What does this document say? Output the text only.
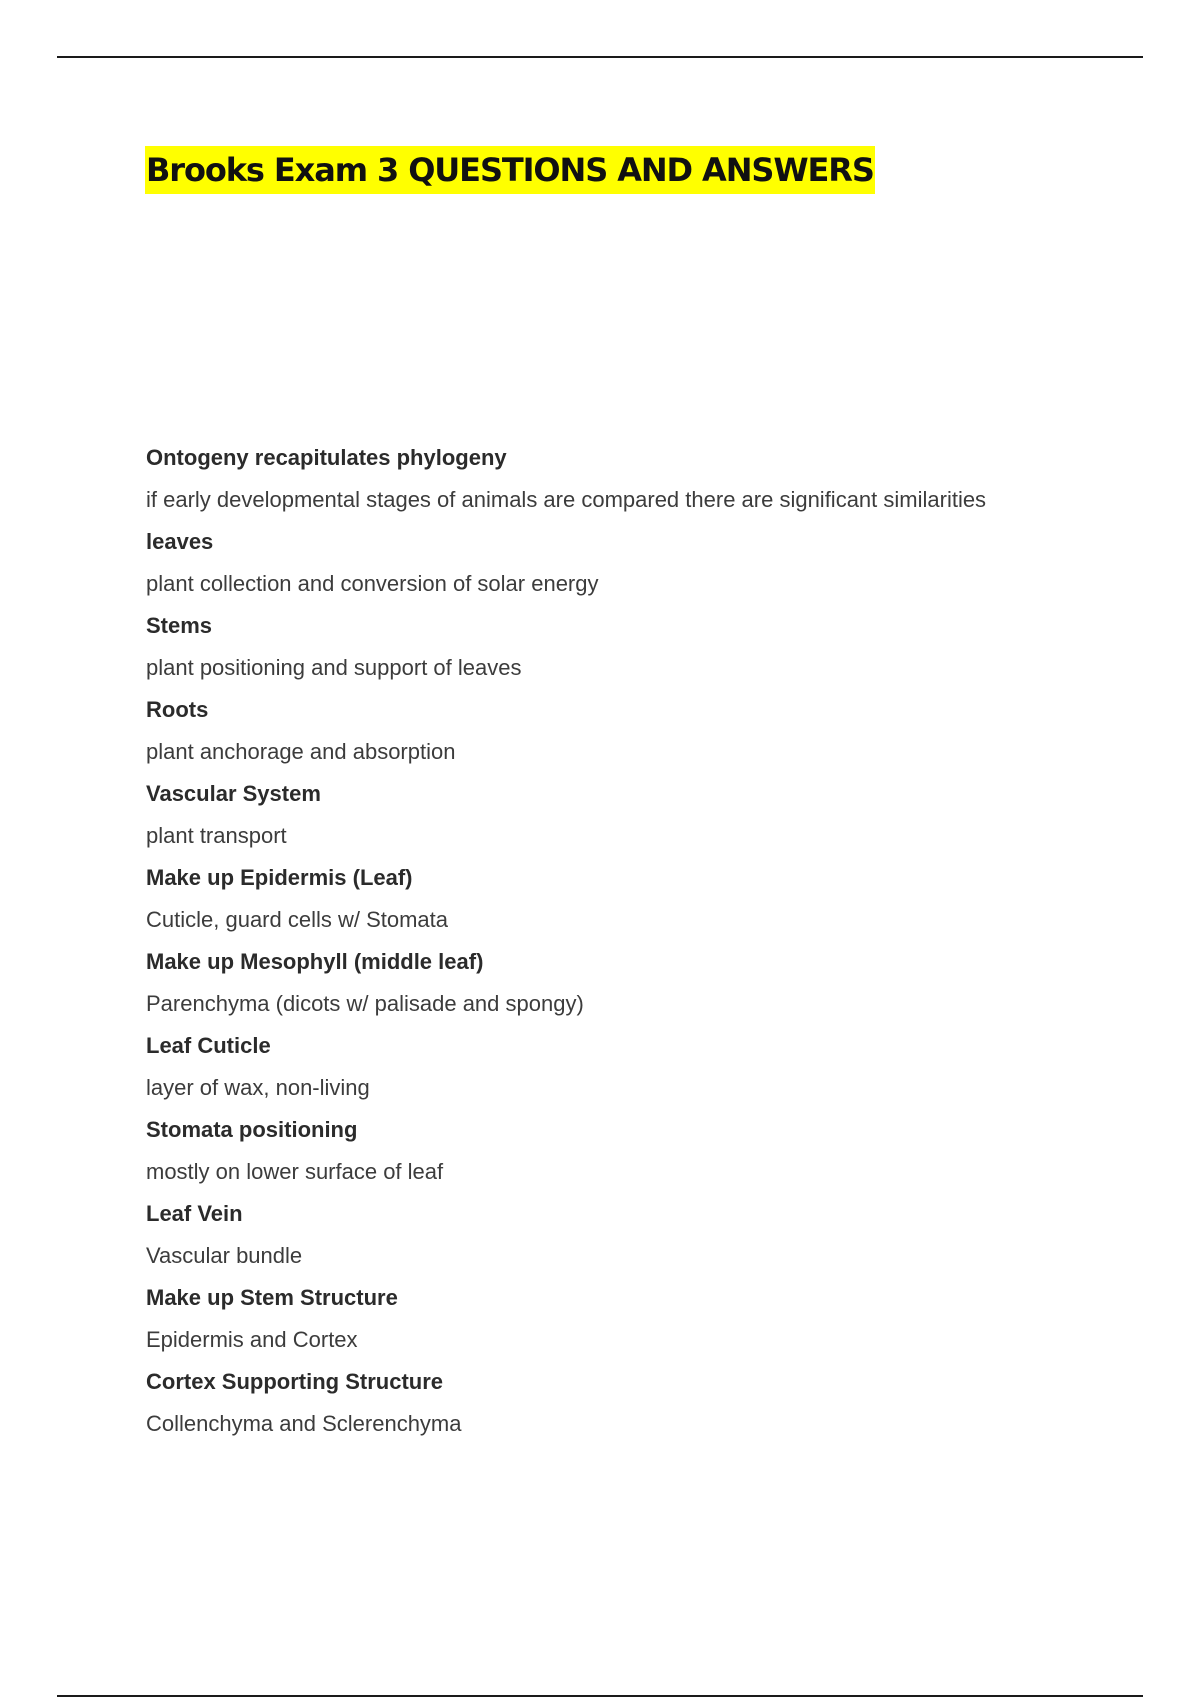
Brooks Exam 3 QUESTIONS AND ANSWERS
Ontogeny recapitulates phylogeny
if early developmental stages of animals are compared there are significant similarities
leaves
plant collection and conversion of solar energy
Stems
plant positioning and support of leaves
Roots
plant anchorage and absorption
Vascular System
plant transport
Make up Epidermis (Leaf)
Cuticle, guard cells w/ Stomata
Make up Mesophyll (middle leaf)
Parenchyma (dicots w/ palisade and spongy)
Leaf Cuticle
layer of wax, non-living
Stomata positioning
mostly on lower surface of leaf
Leaf Vein
Vascular bundle
Make up Stem Structure
Epidermis and Cortex
Cortex Supporting Structure
Collenchyma and Sclerenchyma
